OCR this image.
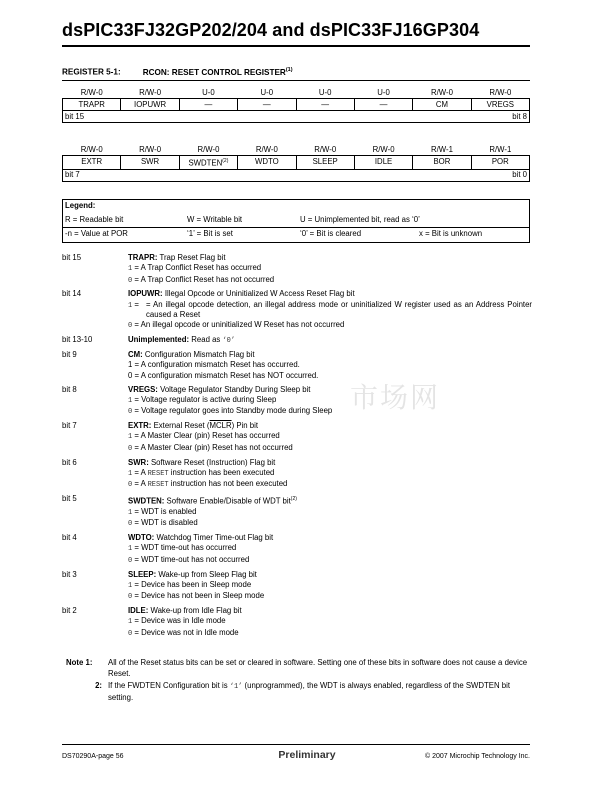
dsPIC33FJ32GP202/204 and dsPIC33FJ16GP304
REGISTER 5-1:	RCON: RESET CONTROL REGISTER$^{(1)}$
R/W-0	R/W-0	U-0	U-0	U-0	U-0	R/W-0	R/W-0
TRAPR	IOPUWR	—	—	—	—	CM	VREGS
bit 15 bit 8							
R/W-0	R/W-0	R/W-0	R/W-0	R/W-0	R/W-0	R/W-1	R/W-1
EXTR	SWR	SWDTEN$^{(2)}$	WDTO	SLEEP	IDLE	BOR	POR
bit 7 bit 0							
Legend:
R = Readable bit	W = Writable bit	U = Unimplemented bit, read as ‘0’
-n = Value at POR	‘1’ = Bit is set	‘0’ = Bit is cleared	x = Bit is unknown
市场网
bit 15	TRAPR: Trap Reset Flag bit
1 = A Trap Conflict Reset has occurred
0 = A Trap Conflict Reset has not occurred
bit 14	IOPUWR: Illegal Opcode or Uninitialized W Access Reset Flag bit
1 = = An illegal opcode detection, an illegal address mode or uninitialized W register used as an Address Pointer caused a Reset
0 = An illegal opcode or uninitialized W Reset has not occurred
bit 13-10	Unimplemented: Read as ‘0’
bit 9	CM: Configuration Mismatch Flag bit
1 = A configuration mismatch Reset has occurred.
0 = A configuration mismatch Reset has NOT occurred.
bit 8	VREGS: Voltage Regulator Standby During Sleep bit
1 = Voltage regulator is active during Sleep
0 = Voltage regulator goes into Standby mode during Sleep
bit 7	EXTR: External Reset (MCLR) Pin bit
1 = A Master Clear (pin) Reset has occurred
0 = A Master Clear (pin) Reset has not occurred
bit 6	SWR: Software Reset (Instruction) Flag bit
1 = A RESET instruction has been executed
0 = A RESET instruction has not been executed
bit 5	SWDTEN: Software Enable/Disable of WDT bit$^{(2)}$
1 = WDT is enabled
0 = WDT is disabled
bit 4	WDTO: Watchdog Timer Time-out Flag bit
1 = WDT time-out has occurred
0 = WDT time-out has not occurred
bit 3	SLEEP: Wake-up from Sleep Flag bit
1 = Device has been in Sleep mode
0 = Device has not been in Sleep mode
bit 2	IDLE: Wake-up from Idle Flag bit
1 = Device was in Idle mode
0 = Device was not in Idle mode
Note 1:	All of the Reset status bits can be set or cleared in software. Setting one of these bits in software does not cause a device Reset.
2: If the FWDTEN Configuration bit is ‘1’ (unprogrammed), the WDT is always enabled, regardless of the SWDTEN bit setting.
DS70290A-page 56	Preliminary	© 2007 Microchip Technology Inc.
